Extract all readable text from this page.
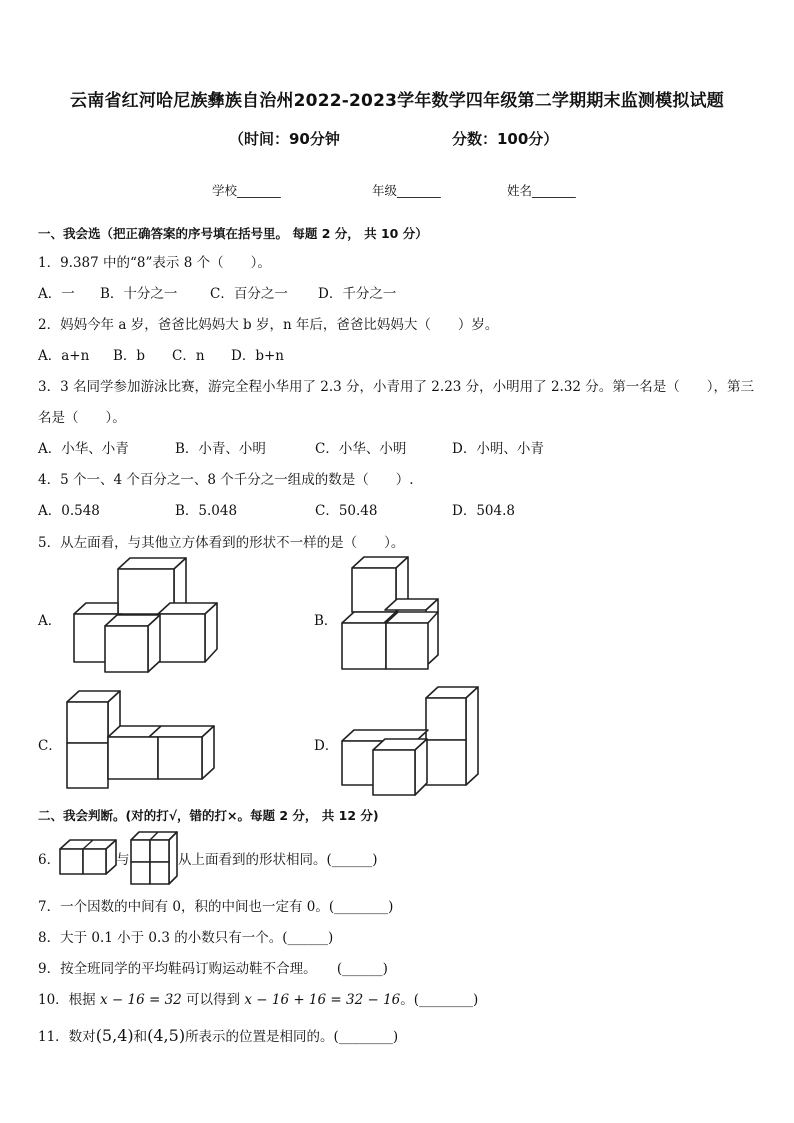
云南省红河哈尼族彝族自治州2022-2023学年数学四年级第二学期期末监测模拟试题
（时间：90分钟	分数：100分）
学校_______	年级_______	姓名_______
一、我会选（把正确答案的序号填在括号里。 每题 2 分， 共 10 分）
1．9.387 中的“8”表示 8 个（　　）。
A．一 B．十分之一 C．百分之一 D．千分之一
2．妈妈今年 a 岁，爸爸比妈妈大 b 岁，n 年后，爸爸比妈妈大（　　）岁。
A．a+n B．b C．n D．b+n
3．3 名同学参加游泳比赛，游完全程小华用了 2.3 分，小青用了 2.23 分，小明用了 2.32 分。第一名是（　　），第三
名是（　　）。
A．小华、小青	B．小青、小明	C．小华、小明	D．小明、小青
4．5 个一、4 个百分之一、8 个千分之一组成的数是（　　）.
A．0.548	B．5.048	C．50.48	D．504.8
5．从左面看，与其他立方体看到的形状不一样的是（　　）。
A．	B．
C．	D．
二、我会判断。(对的打√，错的打×。每题 2 分， 共 12 分)
6．	与	从上面看到的形状相同。(______)
7．一个因数的中间有 0，积的中间也一定有 0。(________)
8．大于 0.1 小于 0.3 的小数只有一个。(______)
9．按全班同学的平均鞋码订购运动鞋不合理。　　(______)
10．根据 x − 16 = 32 可以得到 x − 16 + 16 = 32 − 16。(________)
11．数对(5,4)和(4,5)所表示的位置是相同的。(________)
